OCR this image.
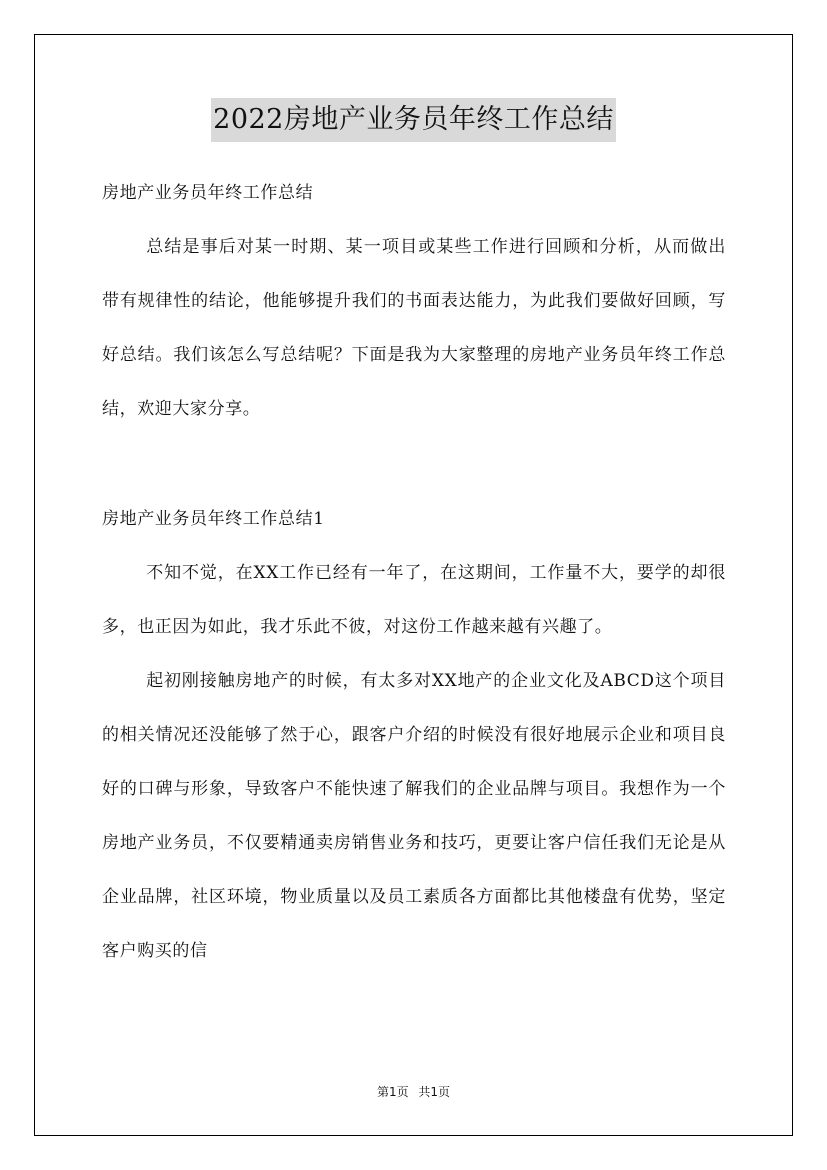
2022房地产业务员年终工作总结

房地产业务员年终工作总结

总结是事后对某一时期、某一项目或某些工作进行回顾和分析，从而做出带有规律性的结论，他能够提升我们的书面表达能力，为此我们要做好回顾，写好总结。我们该怎么写总结呢？下面是我为大家整理的房地产业务员年终工作总结，欢迎大家分享。

房地产业务员年终工作总结1

不知不觉，在XX工作已经有一年了，在这期间，工作量不大，要学的却很多，也正因为如此，我才乐此不彼，对这份工作越来越有兴趣了。

起初刚接触房地产的时候，有太多对XX地产的企业文化及ABCD这个项目的相关情况还没能够了然于心，跟客户介绍的时候没有很好地展示企业和项目良好的口碑与形象，导致客户不能快速了解我们的企业品牌与项目。我想作为一个房地产业务员，不仅要精通卖房销售业务和技巧，更要让客户信任我们无论是从企业品牌，社区环境，物业质量以及员工素质各方面都比其他楼盘有优势，坚定客户购买的信

第1页 共1页
